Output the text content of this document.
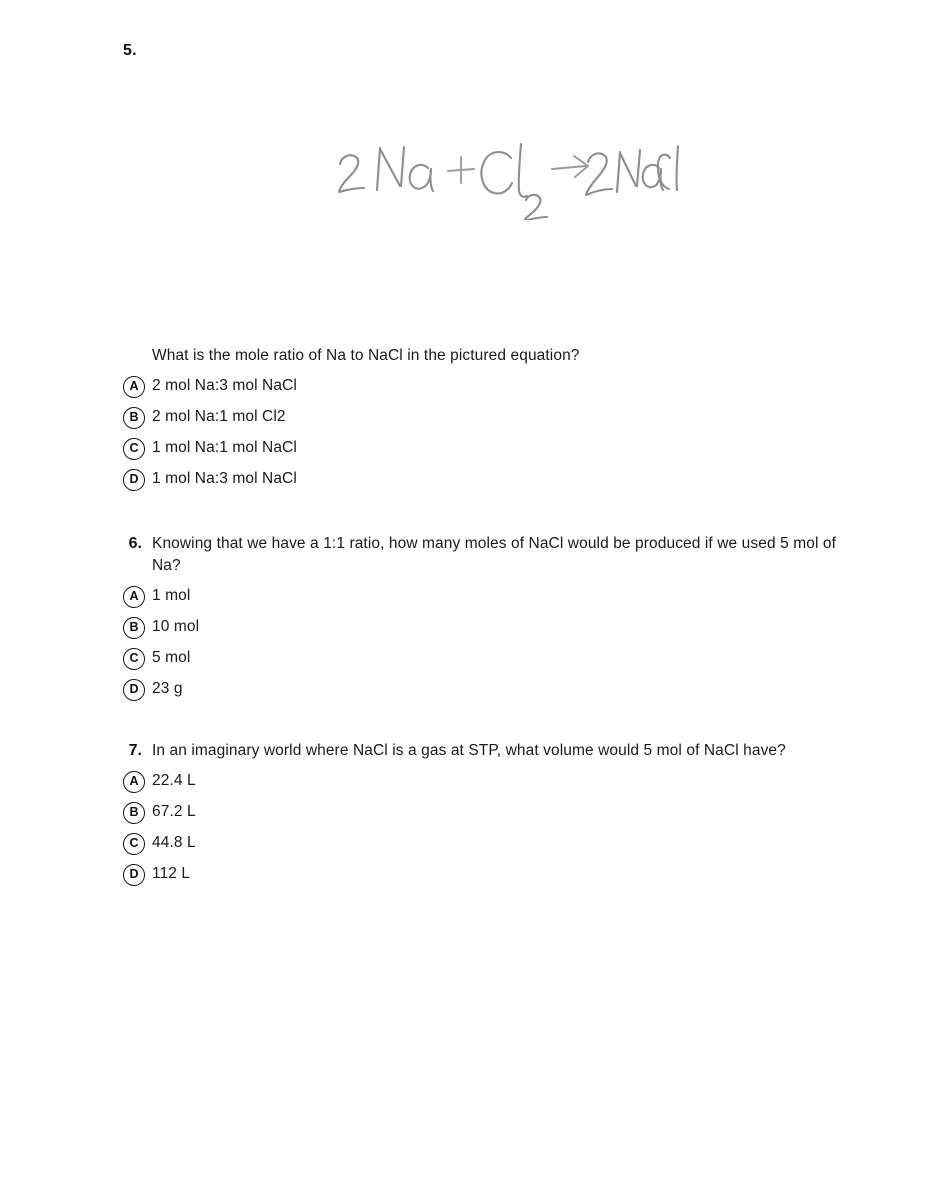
5.
What is the mole ratio of Na to NaCl in the pictured equation?
A 2 mol Na:3 mol NaCl
B 2 mol Na:1 mol Cl2
C 1 mol Na:1 mol NaCl
D 1 mol Na:3 mol NaCl
6. Knowing that we have a 1:1 ratio, how many moles of NaCl would be produced if we used 5 mol of Na?
A 1 mol
B 10 mol
C 5 mol
D 23 g
7. In an imaginary world where NaCl is a gas at STP, what volume would 5 mol of NaCl have?
A 22.4 L
B 67.2 L
C 44.8 L
D 112 L
